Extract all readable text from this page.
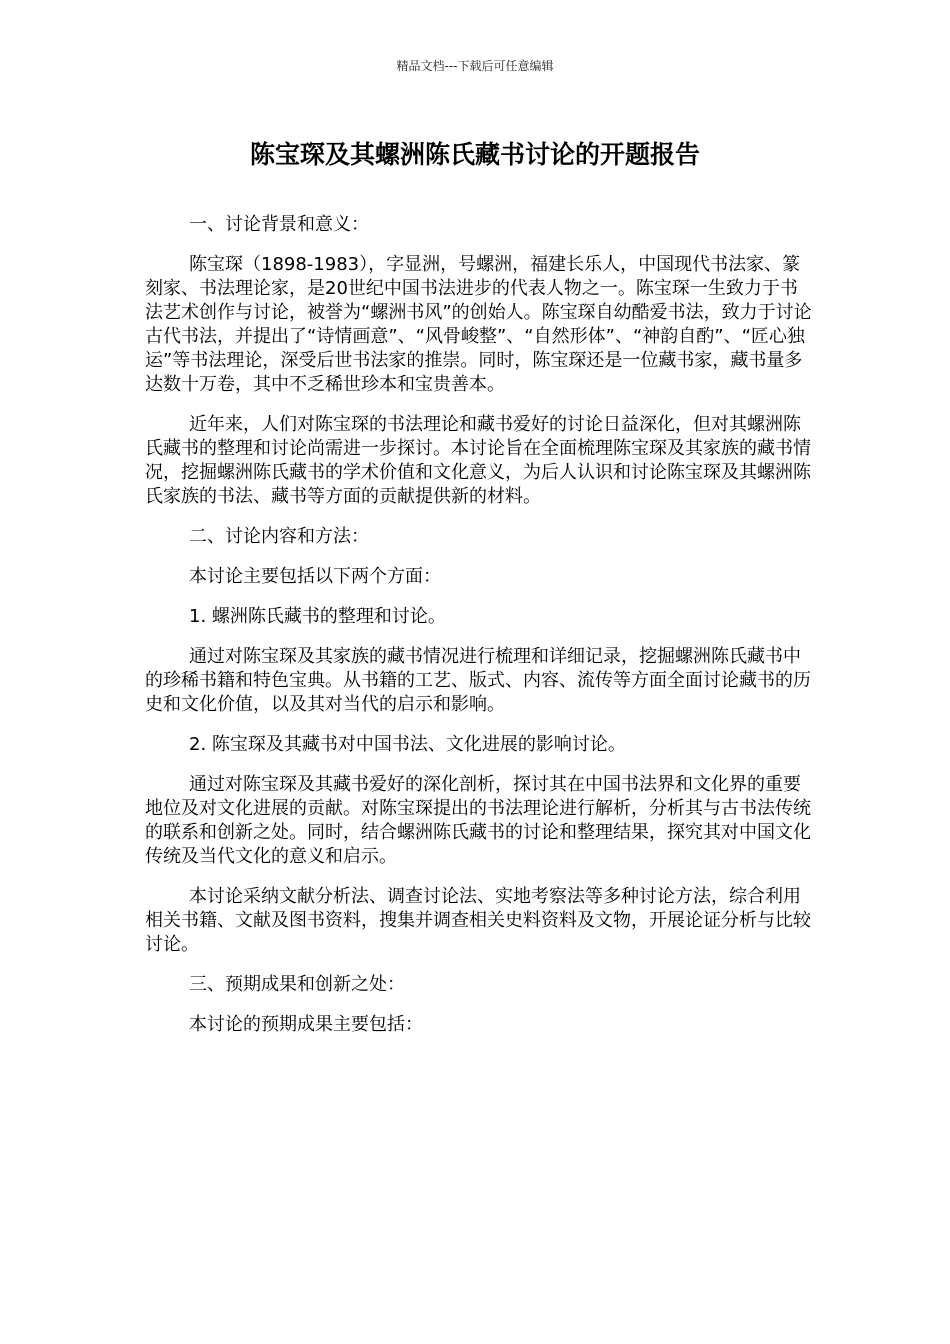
精品文档---下载后可任意编辑
陈宝琛及其螺洲陈氏藏书讨论的开题报告

一、讨论背景和意义：

陈宝琛（1898-1983），字显洲，号螺洲，福建长乐人，中国现代书法家、篆刻家、书法理论家，是20世纪中国书法进步的代表人物之一。陈宝琛一生致力于书法艺术创作与讨论，被誉为“螺洲书风”的创始人。陈宝琛自幼酷爱书法，致力于讨论古代书法，并提出了“诗情画意”、“风骨峻整”、“自然形体”、“神韵自酌”、“匠心独运”等书法理论，深受后世书法家的推崇。同时，陈宝琛还是一位藏书家，藏书量多达数十万卷，其中不乏稀世珍本和宝贵善本。

近年来，人们对陈宝琛的书法理论和藏书爱好的讨论日益深化，但对其螺洲陈氏藏书的整理和讨论尚需进一步探讨。本讨论旨在全面梳理陈宝琛及其家族的藏书情况，挖掘螺洲陈氏藏书的学术价值和文化意义，为后人认识和讨论陈宝琛及其螺洲陈氏家族的书法、藏书等方面的贡献提供新的材料。

二、讨论内容和方法：

本讨论主要包括以下两个方面：

1. 螺洲陈氏藏书的整理和讨论。

通过对陈宝琛及其家族的藏书情况进行梳理和详细记录，挖掘螺洲陈氏藏书中的珍稀书籍和特色宝典。从书籍的工艺、版式、内容、流传等方面全面讨论藏书的历史和文化价值，以及其对当代的启示和影响。

2. 陈宝琛及其藏书对中国书法、文化进展的影响讨论。

通过对陈宝琛及其藏书爱好的深化剖析，探讨其在中国书法界和文化界的重要地位及对文化进展的贡献。对陈宝琛提出的书法理论进行解析，分析其与古书法传统的联系和创新之处。同时，结合螺洲陈氏藏书的讨论和整理结果，探究其对中国文化传统及当代文化的意义和启示。

本讨论采纳文献分析法、调查讨论法、实地考察法等多种讨论方法，综合利用相关书籍、文献及图书资料，搜集并调查相关史料资料及文物，开展论证分析与比较讨论。

三、预期成果和创新之处：

本讨论的预期成果主要包括：
